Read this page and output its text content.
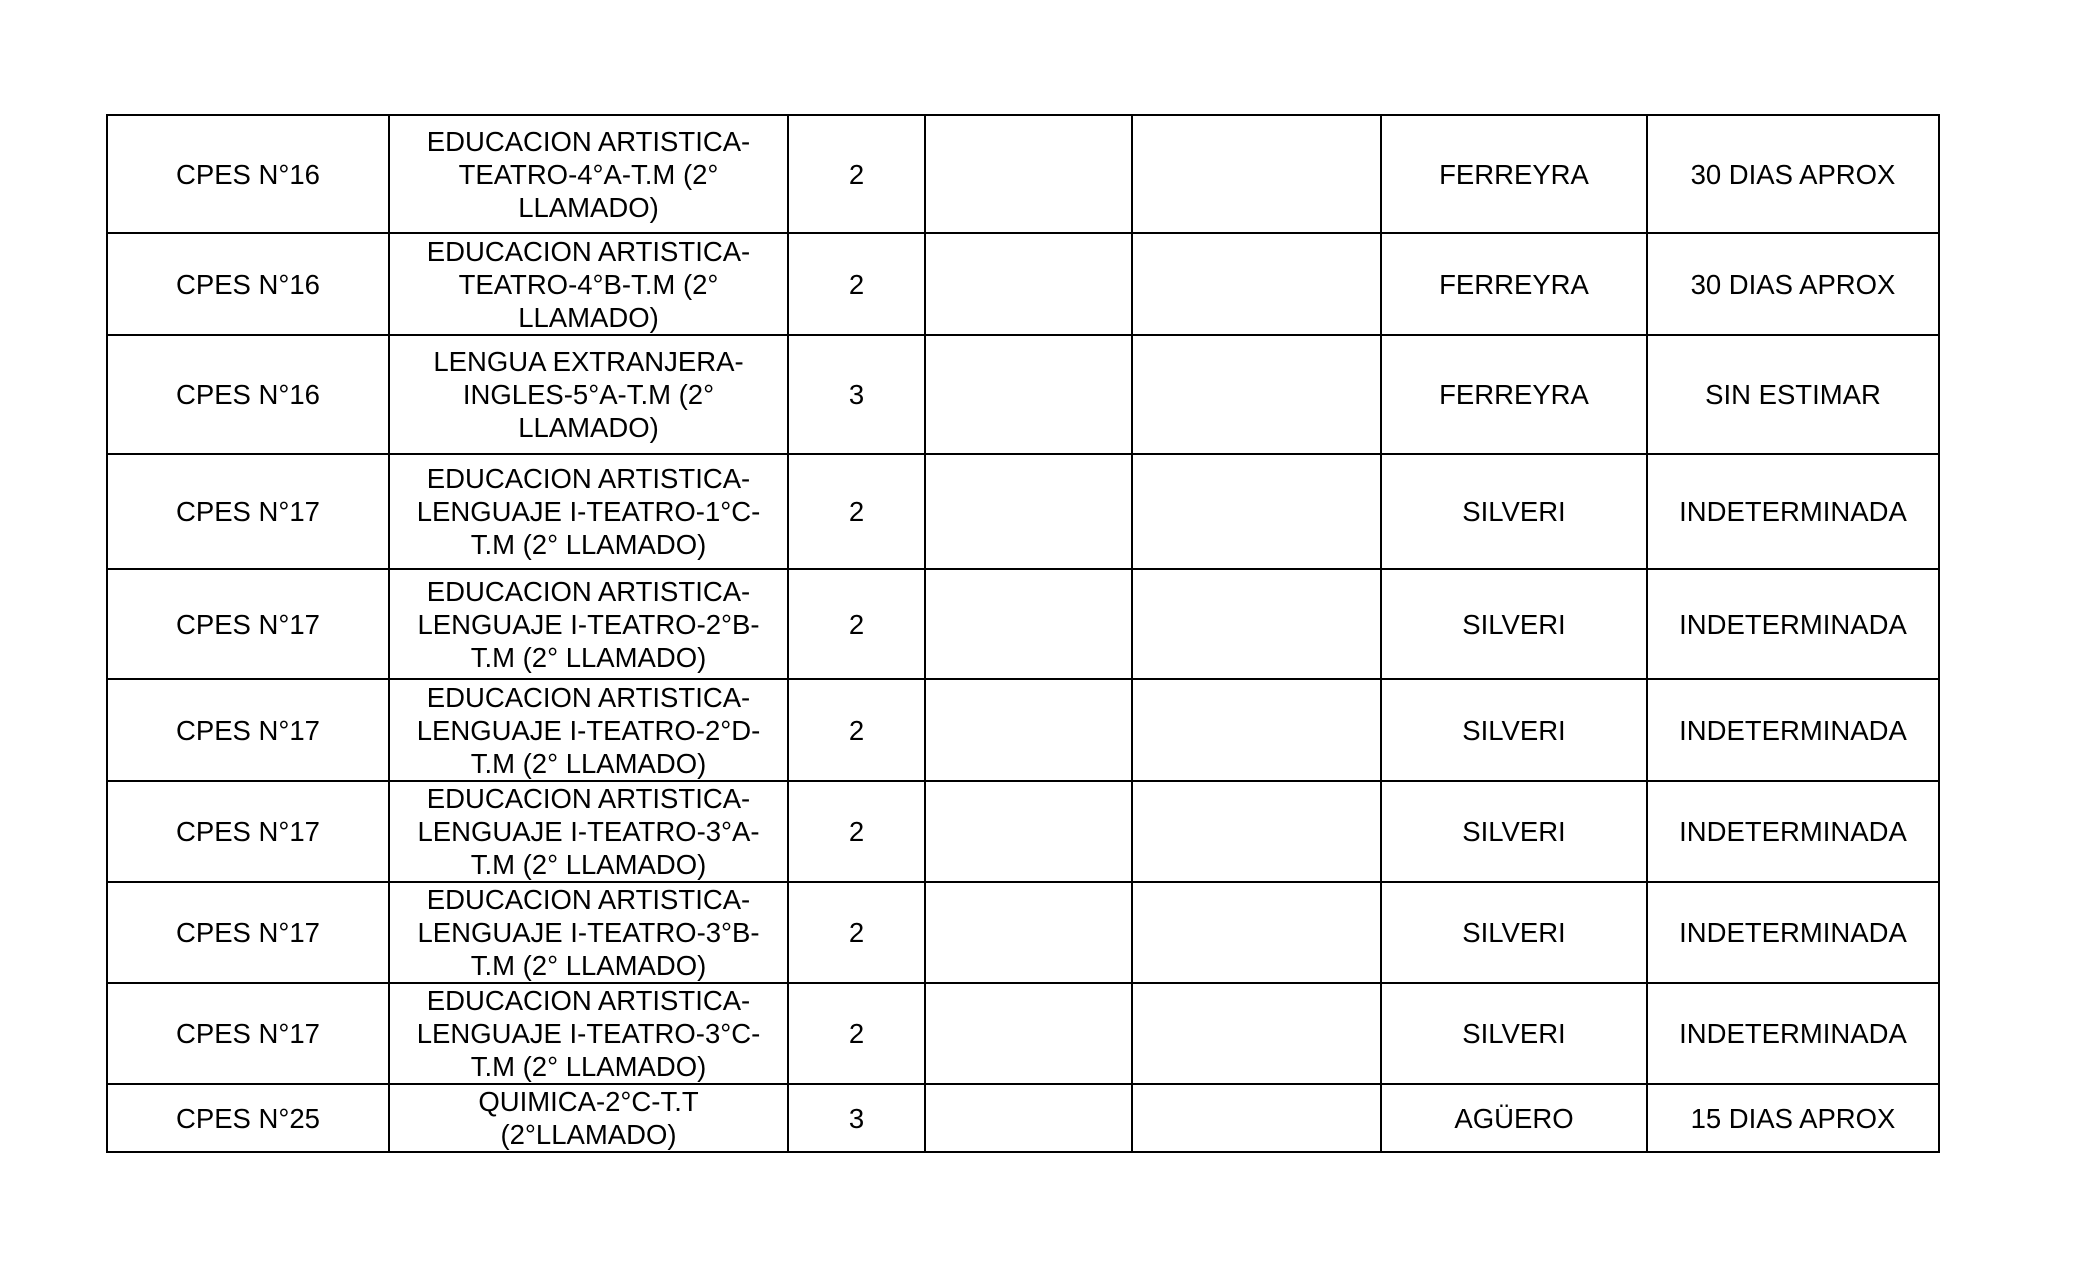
CPES N°16	EDUCACION ARTISTICA-TEATRO-4°A-T.M (2° LLAMADO)	2			FERREYRA	30 DIAS APROX
CPES N°16	EDUCACION ARTISTICA-TEATRO-4°B-T.M (2° LLAMADO)	2			FERREYRA	30 DIAS APROX
CPES N°16	LENGUA EXTRANJERA-INGLES-5°A-T.M (2° LLAMADO)	3			FERREYRA	SIN ESTIMAR
CPES N°17	EDUCACION ARTISTICA-LENGUAJE I-TEATRO-1°C-T.M (2° LLAMADO)	2			SILVERI	INDETERMINADA
CPES N°17	EDUCACION ARTISTICA-LENGUAJE I-TEATRO-2°B-T.M (2° LLAMADO)	2			SILVERI	INDETERMINADA
CPES N°17	EDUCACION ARTISTICA-LENGUAJE I-TEATRO-2°D-T.M (2° LLAMADO)	2			SILVERI	INDETERMINADA
CPES N°17	EDUCACION ARTISTICA-LENGUAJE I-TEATRO-3°A-T.M (2° LLAMADO)	2			SILVERI	INDETERMINADA
CPES N°17	EDUCACION ARTISTICA-LENGUAJE I-TEATRO-3°B-T.M (2° LLAMADO)	2			SILVERI	INDETERMINADA
CPES N°17	EDUCACION ARTISTICA-LENGUAJE I-TEATRO-3°C-T.M (2° LLAMADO)	2			SILVERI	INDETERMINADA
CPES N°25	QUIMICA-2°C-T.T (2°LLAMADO)	3			AGÜERO	15 DIAS APROX
